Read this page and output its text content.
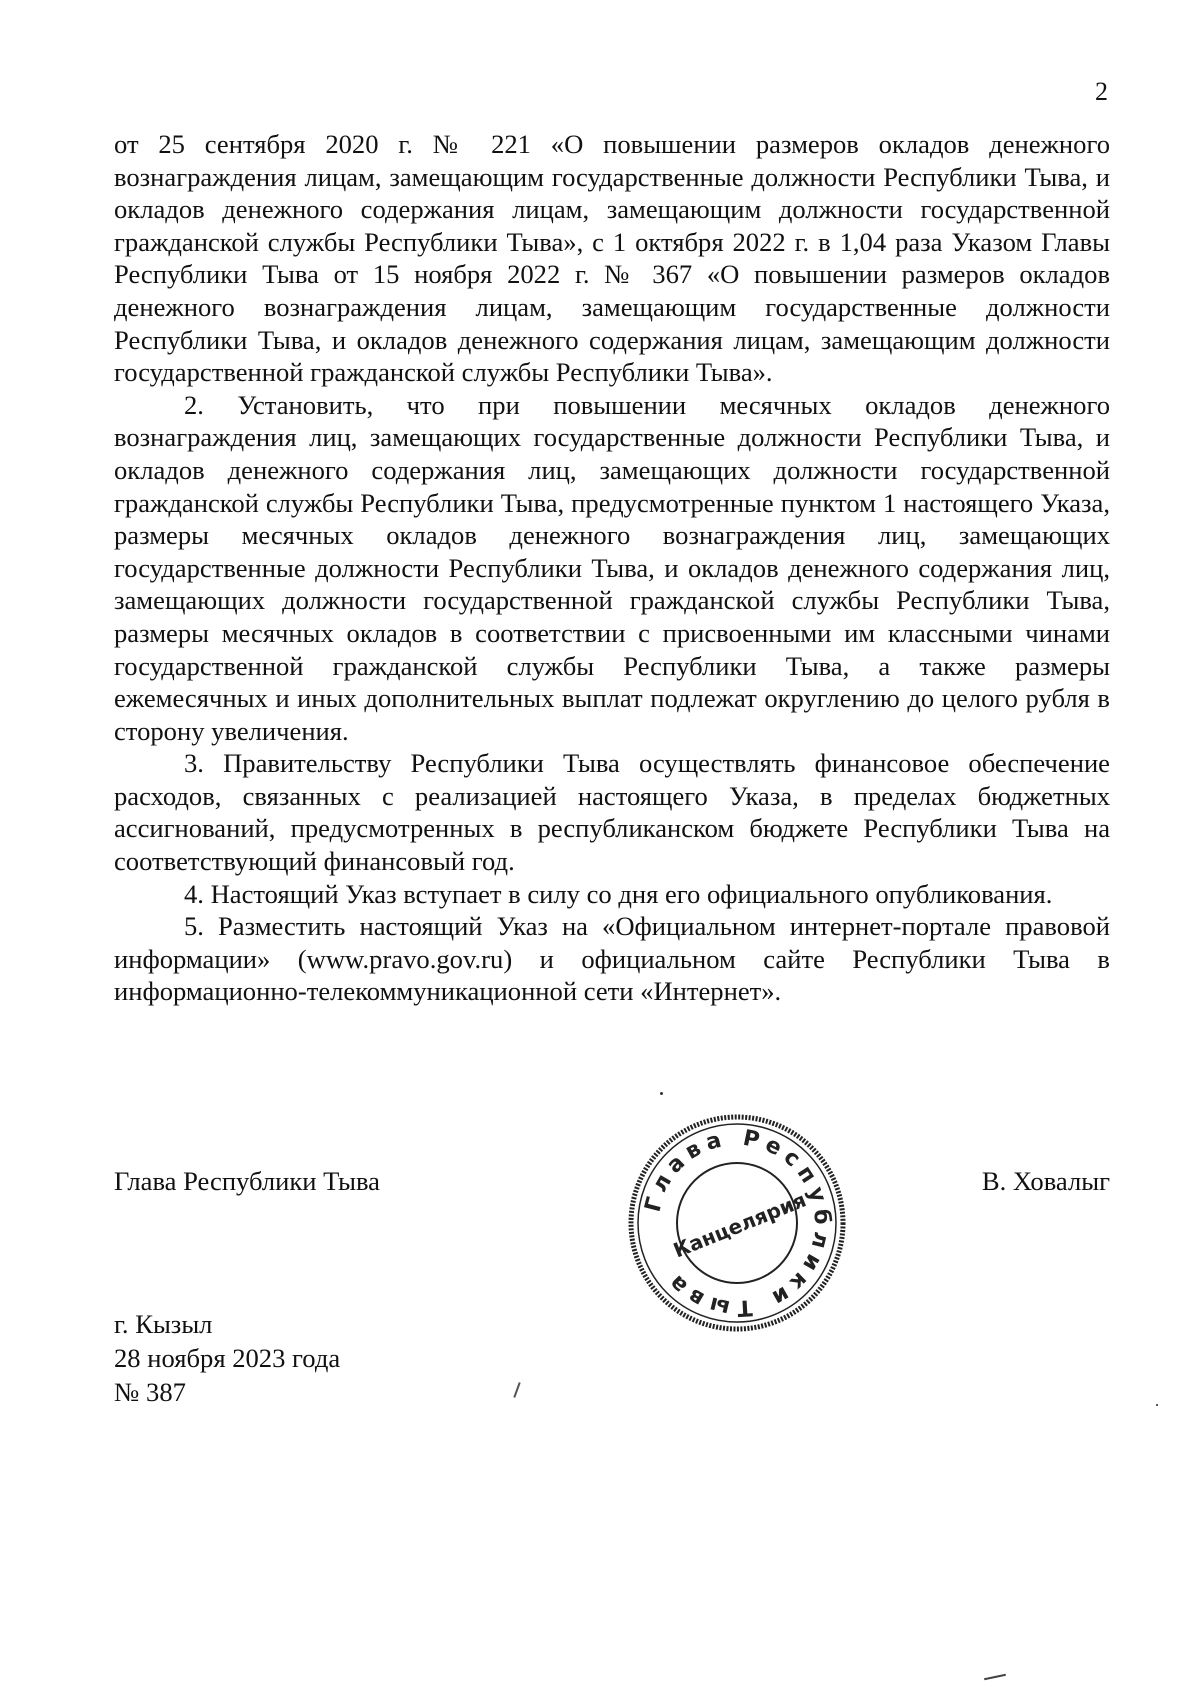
2

от 25 сентября 2020 г. № 221 «О повышении размеров окладов денежного вознаграждения лицам, замещающим государственные должности Республики Тыва, и окладов денежного содержания лицам, замещающим должности государственной гражданской службы Республики Тыва», с 1 октября 2022 г. в 1,04 раза Указом Главы Республики Тыва от 15 ноября 2022 г. № 367 «О повышении размеров окладов денежного вознаграждения лицам, замещающим государственные должности Республики Тыва, и окладов денежного содержания лицам, замещающим должности государственной гражданской службы Республики Тыва».

2. Установить, что при повышении месячных окладов денежного вознаграждения лиц, замещающих государственные должности Республики Тыва, и окладов денежного содержания лиц, замещающих должности государственной гражданской службы Республики Тыва, предусмотренные пунктом 1 настоящего Указа, размеры месячных окладов денежного вознаграждения лиц, замещающих государственные должности Республики Тыва, и окладов денежного содержания лиц, замещающих должности государственной гражданской службы Республики Тыва, размеры месячных окладов в соответствии с присвоенными им классными чинами государственной гражданской службы Республики Тыва, а также размеры ежемесячных и иных дополнительных выплат подлежат округлению до целого рубля в сторону увеличения.

3. Правительству Республики Тыва осуществлять финансовое обеспечение расходов, связанных с реализацией настоящего Указа, в пределах бюджетных ассигнований, предусмотренных в республиканском бюджете Республики Тыва на соответствующий финансовый год.

4. Настоящий Указ вступает в силу со дня его официального опубликования.

5. Разместить настоящий Указ на «Официальном интернет-портале правовой информации» (www.pravo.gov.ru) и официальном сайте Республики Тыва в информационно-телекоммуникационной сети «Интернет».

Глава Республики Тыва	В. Ховалыг
Глава Республики Тыва
Канцелярия
г. Кызыл
28 ноября 2023 года
№ 387
